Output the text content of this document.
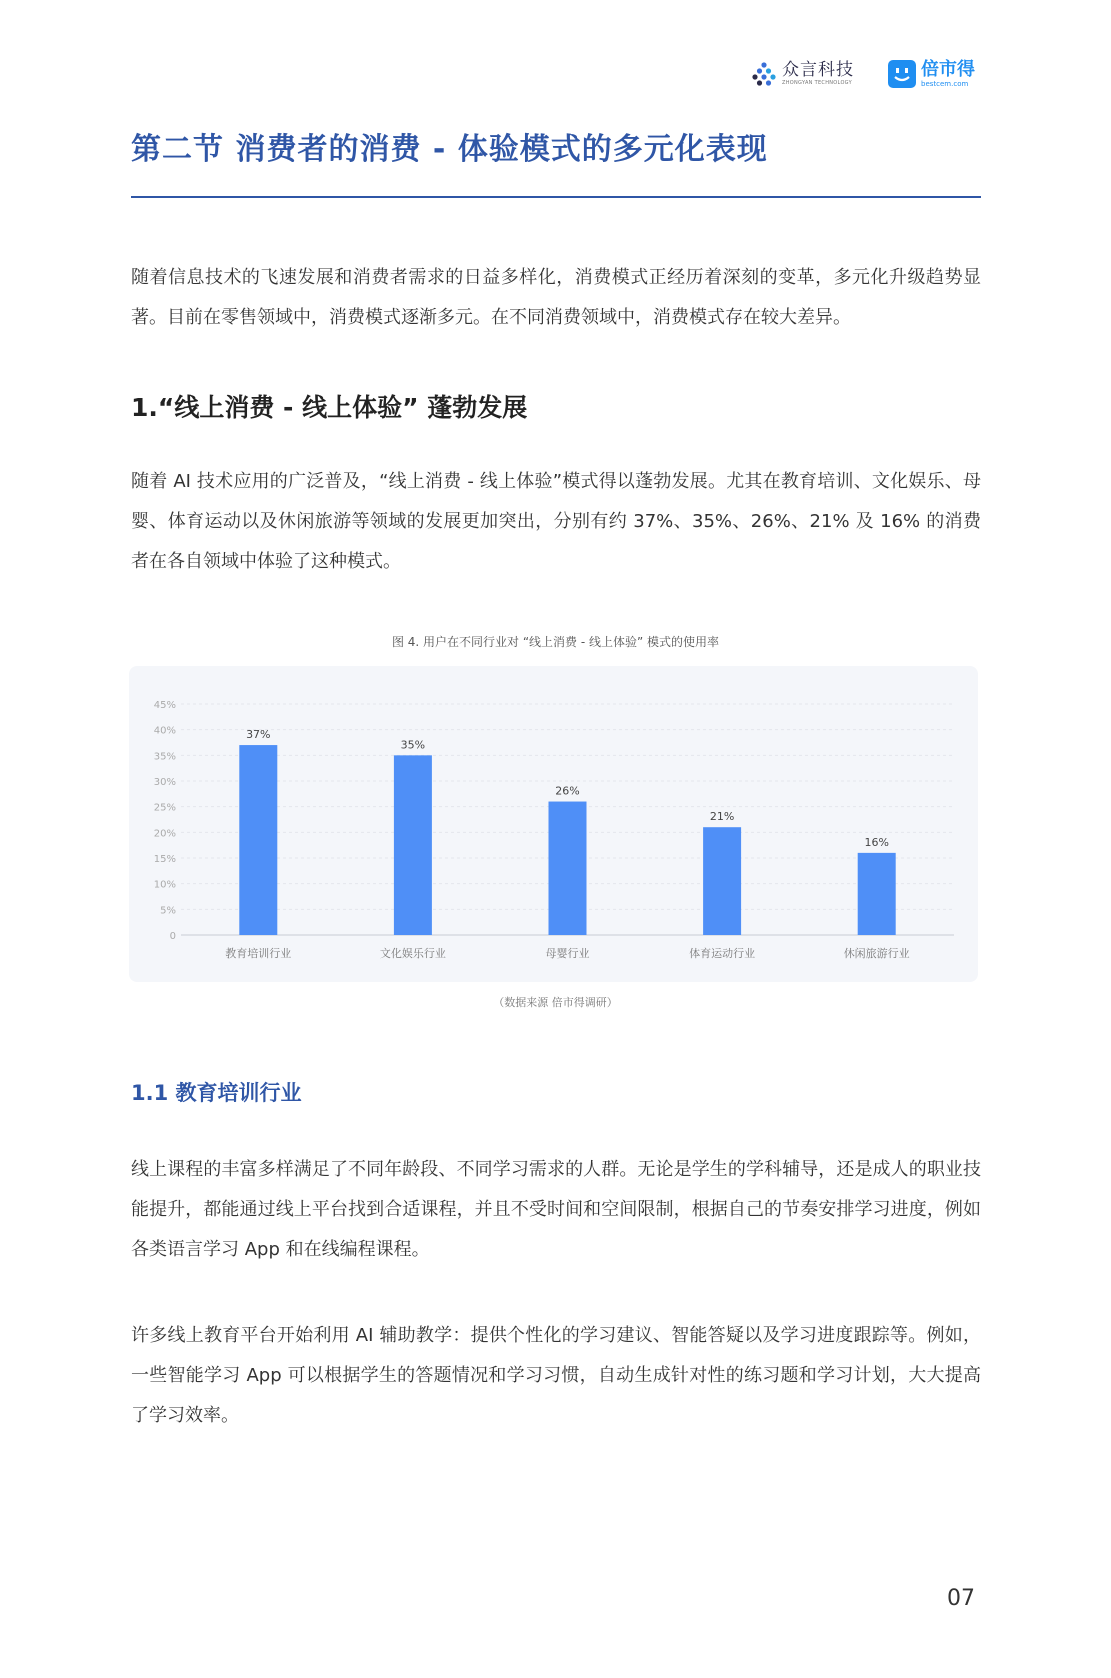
众言科技
ZHONGYAN TECHNOLOGY
倍市得
bestcem.com
第二节 消费者的消费 - 体验模式的多元化表现

随着信息技术的飞速发展和消费者需求的日益多样化，消费模式正经历着深刻的变革，多元化升级趋势显著。目前在零售领域中，消费模式逐渐多元。在不同消费领域中，消费模式存在较大差异。

1.“线上消费 - 线上体验” 蓬勃发展

随着 AI 技术应用的广泛普及，“线上消费 - 线上体验”模式得以蓬勃发展。尤其在教育培训、文化娱乐、母婴、体育运动以及休闲旅游等领域的发展更加突出，分别有约 37%、35%、26%、21% 及 16% 的消费者在各自领域中体验了这种模式。

图 4. 用户在不同行业对 “线上消费 - 线上体验” 模式的使用率
0
5%
10%
15%
20%
25%
30%
35%
40%
45%
37%
教育培训行业
35%
文化娱乐行业
26%
母婴行业
21%
体育运动行业
16%
休闲旅游行业
（数据来源 倍市得调研）
1.1 教育培训行业

线上课程的丰富多样满足了不同年龄段、不同学习需求的人群。无论是学生的学科辅导，还是成人的职业技能提升，都能通过线上平台找到合适课程，并且不受时间和空间限制，根据自己的节奏安排学习进度，例如各类语言学习 App 和在线编程课程。

许多线上教育平台开始利用 AI 辅助教学：提供个性化的学习建议、智能答疑以及学习进度跟踪等。例如，一些智能学习 App 可以根据学生的答题情况和学习习惯，自动生成针对性的练习题和学习计划，大大提高了学习效率。

07
